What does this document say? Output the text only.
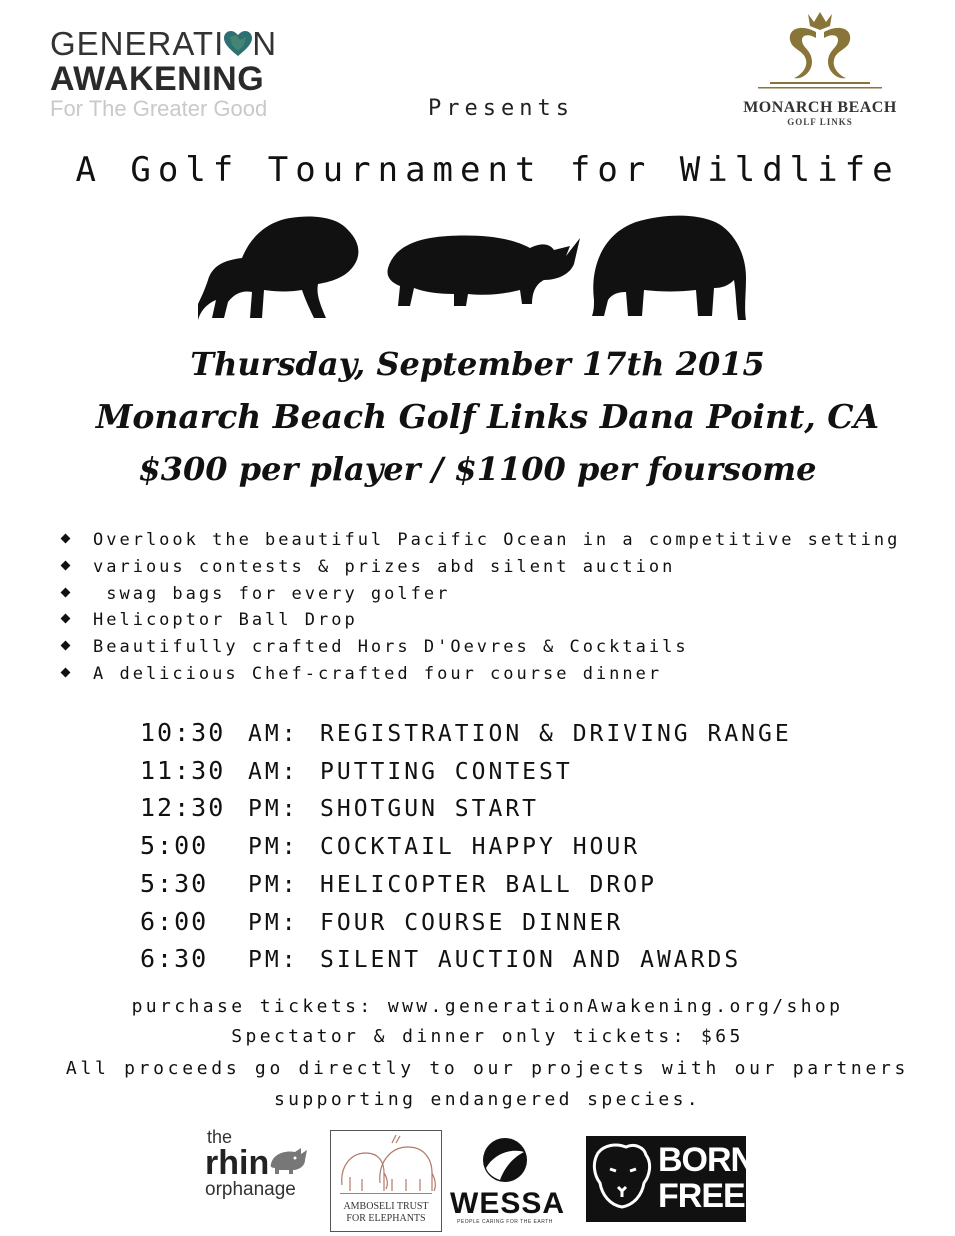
GENERATI N
AWAKENING
For The Greater Good	Presents	MONARCH BEACH
GOLF LINKS
A Golf Tournament for Wildlife
Thursday, September 17th 2015
Monarch Beach Golf Links Dana Point, CA
$300 per player / $1100 per foursome
Overlook the beautiful Pacific Ocean in a competitive setting
various contests & prizes abd silent auction
swag bags for every golfer
Helicoptor Ball Drop
Beautifully crafted Hors D'Oevres & Cocktails
A delicious Chef-crafted four course dinner
10:30 AM: REGISTRATION & DRIVING RANGE
11:30 AM: PUTTING CONTEST
12:30 PM: SHOTGUN START
5:00 PM: COCKTAIL HAPPY HOUR
5:30 PM: HELICOPTER BALL DROP
6:00 PM: FOUR COURSE DINNER
6:30 PM: SILENT AUCTION AND AWARDS
purchase tickets: www.generationAwakening.org/shop
Spectator & dinner only tickets: $65
All proceeds go directly to our projects with our partners
supporting endangered species.
the
rhin
orphanage
AMBOSELI TRUST
FOR ELEPHANTS WESSA
PEOPLE CARING FOR THE EARTH
BORN
FREE
